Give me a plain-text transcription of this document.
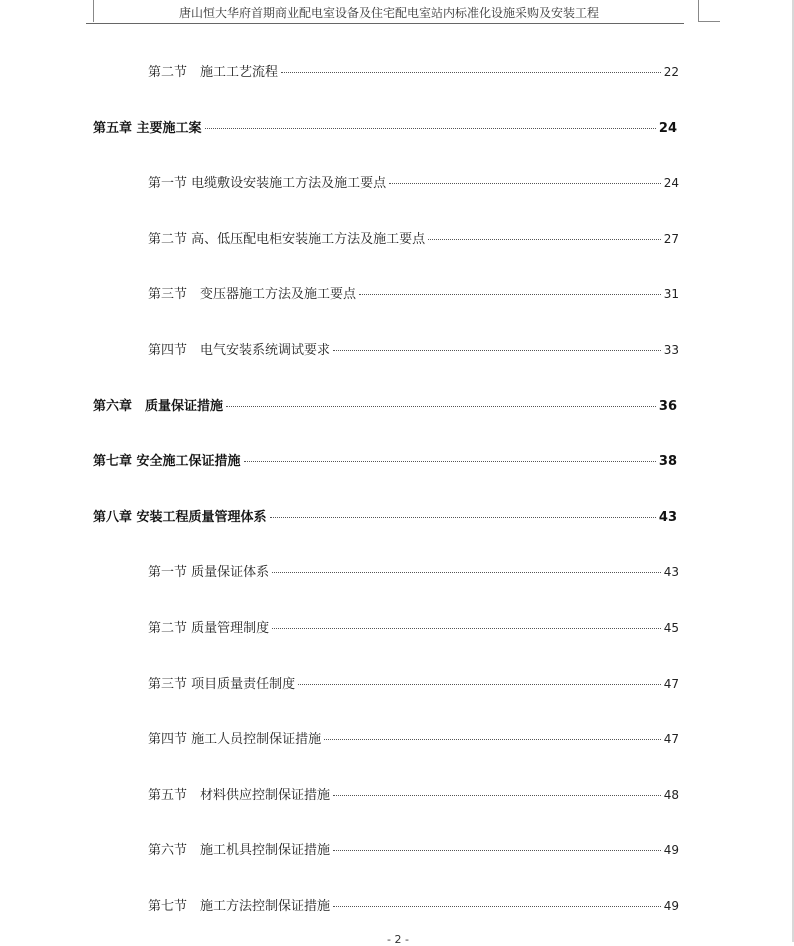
唐山恒大华府首期商业配电室设备及住宅配电室站内标准化设施采购及安装工程
第二节　施工工艺流程	22
第五章 主要施工案	24
第一节 电缆敷设安装施工方法及施工要点	24
第二节 高、低压配电柜安装施工方法及施工要点	27
第三节　变压器施工方法及施工要点	31
第四节　电气安装系统调试要求	33
第六章　质量保证措施	36
第七章 安全施工保证措施	38
第八章 安装工程质量管理体系	43
第一节 质量保证体系	43
第二节 质量管理制度	45
第三节 项目质量责任制度	47
第四节 施工人员控制保证措施	47
第五节　材料供应控制保证措施	48
第六节　施工机具控制保证措施	49
第七节　施工方法控制保证措施	49
- 2 -
